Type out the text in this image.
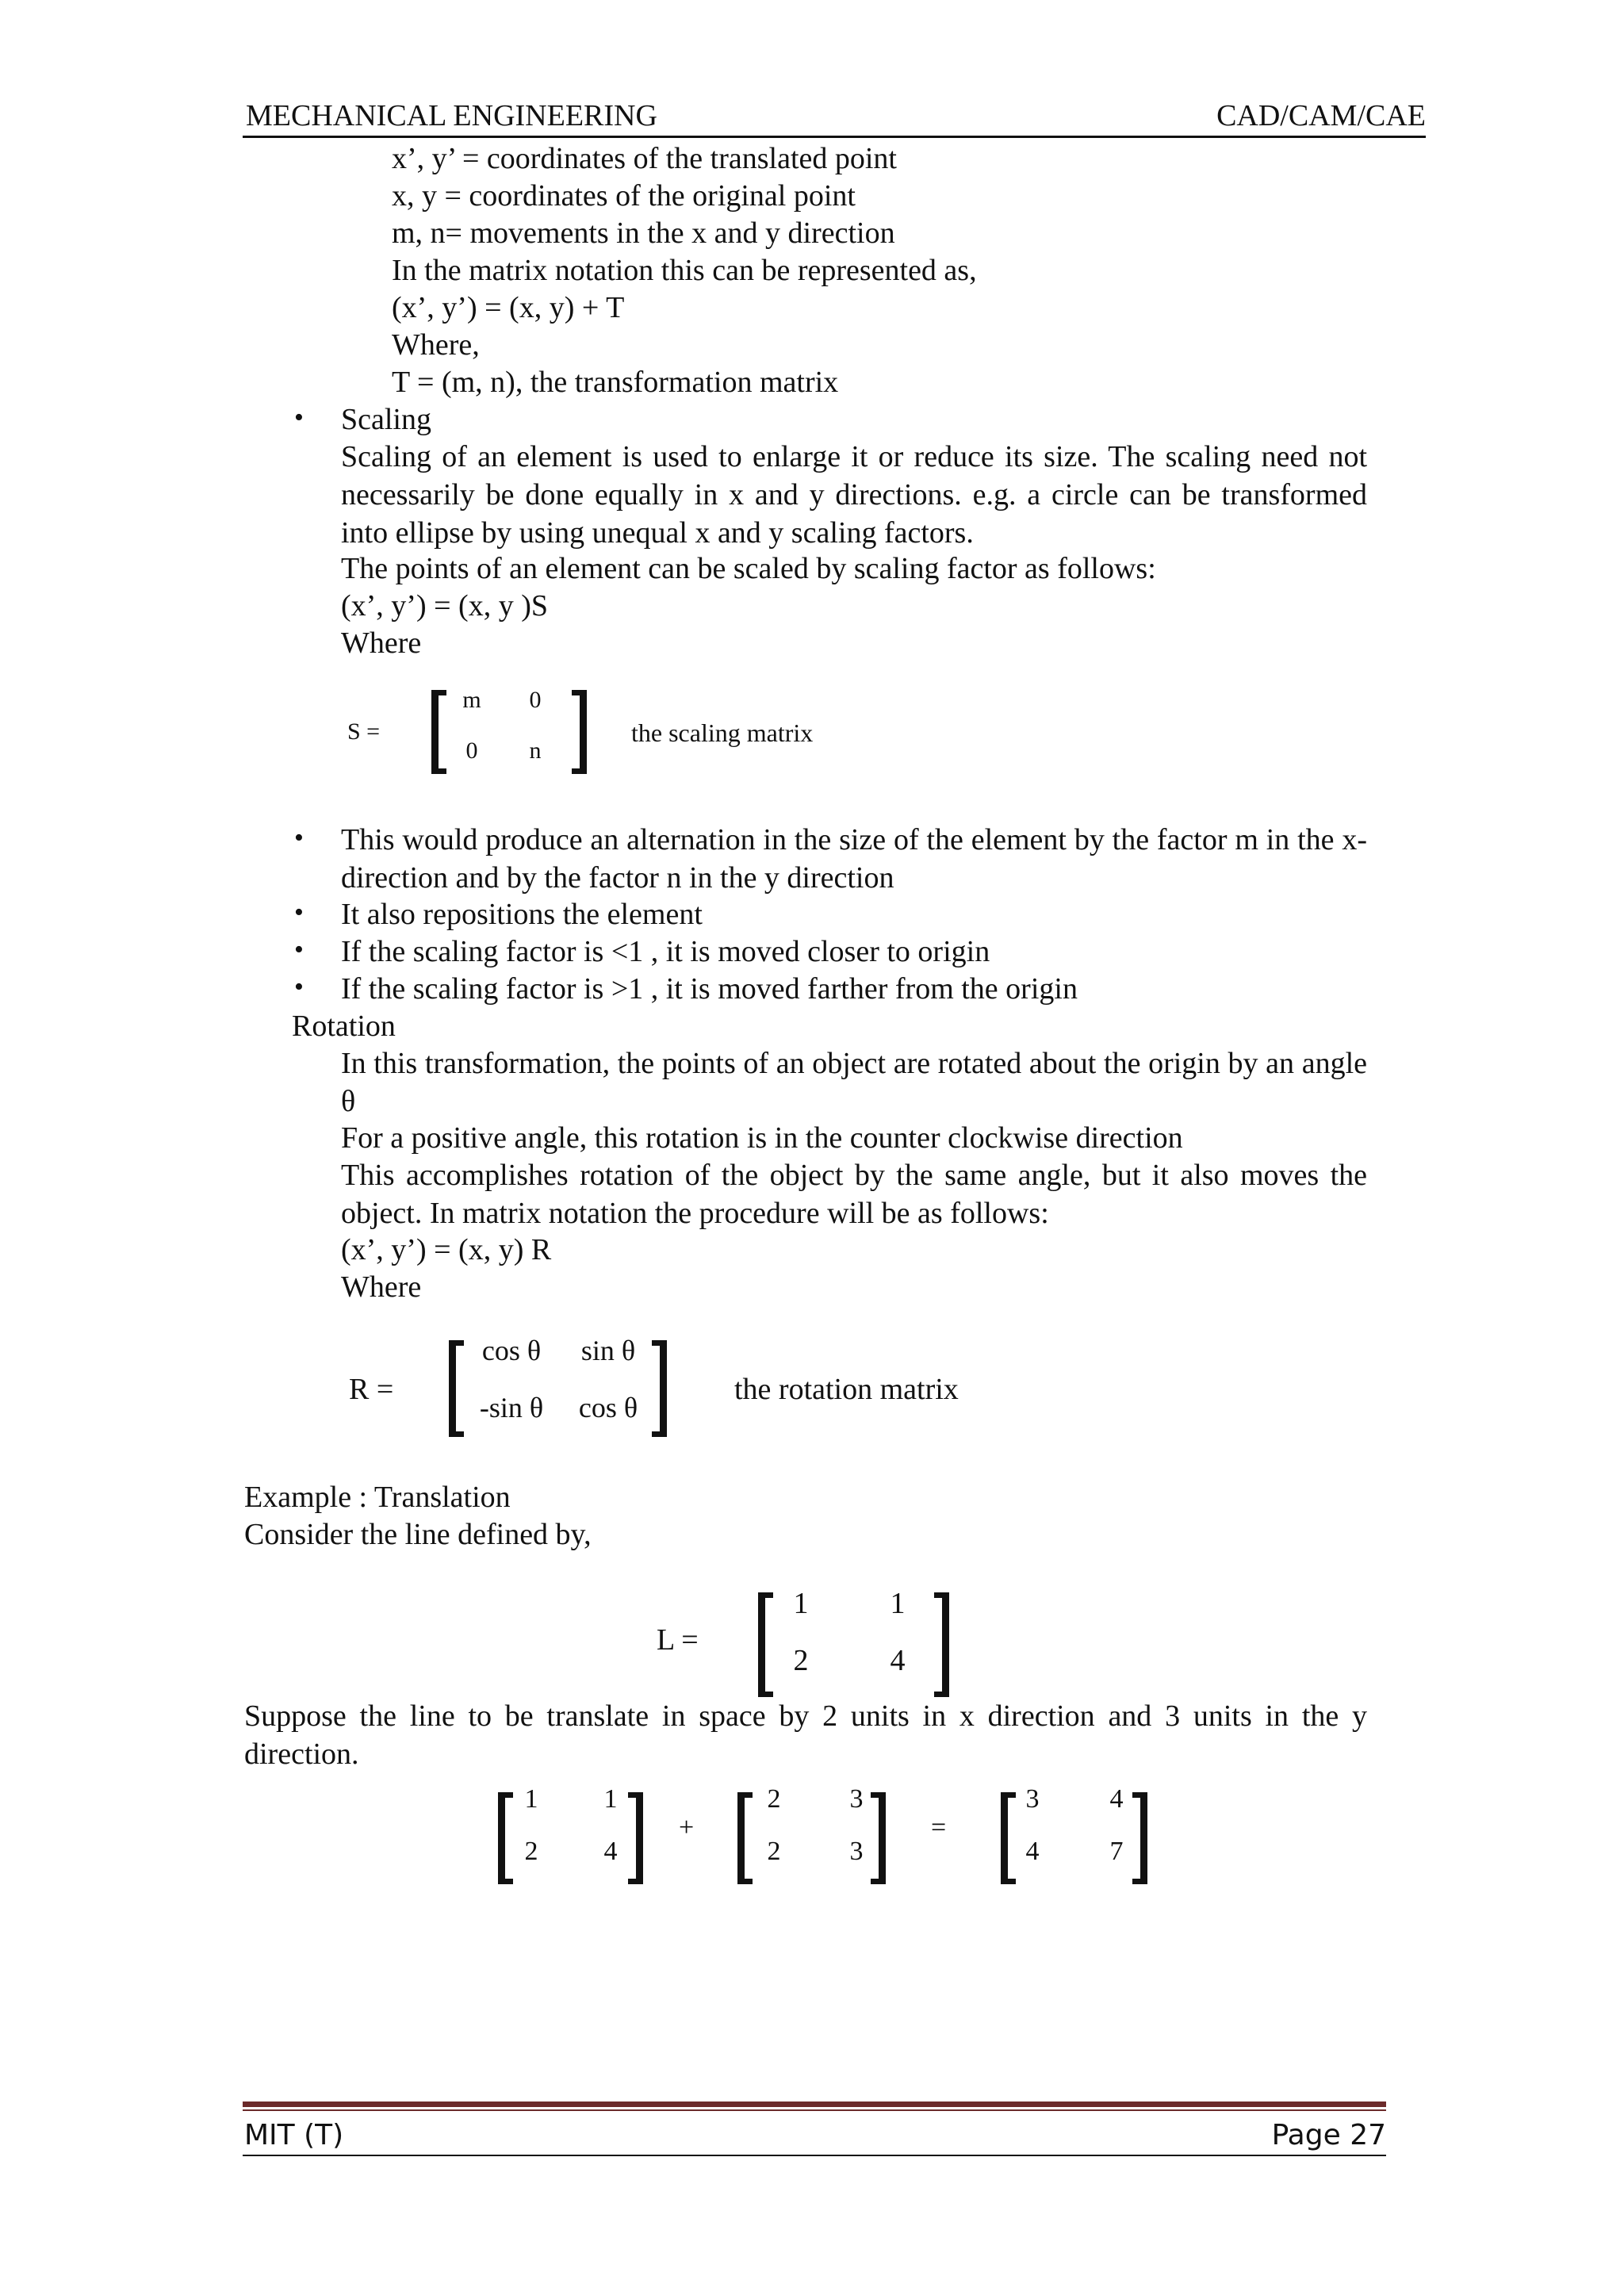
MECHANICAL ENGINEERING	CAD/CAM/CAE
x’, y’ = coordinates of the translated point
x, y = coordinates of the original point
m, n= movements in the x and y direction
In the matrix notation this can be represented as,
(x’, y’) = (x, y) + T
Where,
T = (m, n), the transformation matrix
• Scaling
Scaling of an element is used to enlarge it or reduce its size. The scaling need not necessarily be done equally in x and y directions. e.g. a circle can be transformed into ellipse by using unequal x and y scaling factors.
The points of an element can be scaled by scaling factor as follows:
(x’, y’) = (x, y )S
Where
S =
m	0
0	n
the scaling matrix
• This would produce an alternation in the size of the element by the factor m in the x-direction and by the factor n in the y direction
• It also repositions the element
• If the scaling factor is <1 , it is moved closer to origin
• If the scaling factor is >1 , it is moved farther from the origin
Rotation
In this transformation, the points of an object are rotated about the origin by an angle θ
For a positive angle, this rotation is in the counter clockwise direction
This accomplishes rotation of the object by the same angle, but it also moves the object. In matrix notation the procedure will be as follows:
(x’, y’) = (x, y) R
Where
R =
cos θ	sin θ
-sin θ	cos θ
the rotation matrix
Example : Translation
Consider the line defined by,
L =
1	1
2	4
Suppose the line to be translate in space by 2 units in x direction and 3 units in the y direction.
1	1
2	4
+
2	3
2	3
=
3	4
4	7
MIT (T)	Page 27
